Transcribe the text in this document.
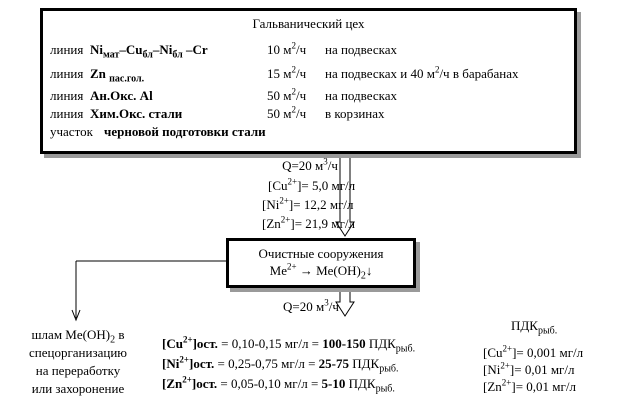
Гальванический цех
линия $Ni_{мат}-Cu_{бл}-Ni_{бл}$ –Cr	10 $м^2/ч$ на подвесках
линия Zn $_{пас.гол.}$	15 $м^2/ч$ на подвесках и 40 $м^2/ч$ в барабанах
линия Ан.Окс. Al	50 $м^2/ч$ на подвесках
линия Хим.Окс. стали	50 $м^2/ч$ в корзинах
участок черновой подготовки стали
Q=20 $м^3/ч$
$[Cu^{2+}]= 5,0$ мг/л
$[Ni^{2+}]= 12,2$ мг/л
$[Zn^{2+}]= 21,9$ мг/л
Очистные сооружения
$Me^{2+}$ → $Me(OH)_2↓$
шлам $Me(OH)_2$ в
спецорганизацию
на переработку
или захоронение
Q=20 $м^3/ч$
$[Cu^{2+}]ост$. = 0,10-0,15 мг/л = 100-150 $ПДК_{рыб.}$
$[Ni^{2+}]ост$. = 0,25-0,75 мг/л = 25-75 $ПДК_{рыб.}$
$[Zn^{2+}]ост$. = 0,05-0,10 мг/л = 5-10 $ПДК_{рыб.}$
$ПДК_{рыб.}$
$[Cu^{2+}]= 0,001$ мг/л
$[Ni^{2+}]= 0,01$ мг/л
$[Zn^{2+}]= 0,01$ мг/л
